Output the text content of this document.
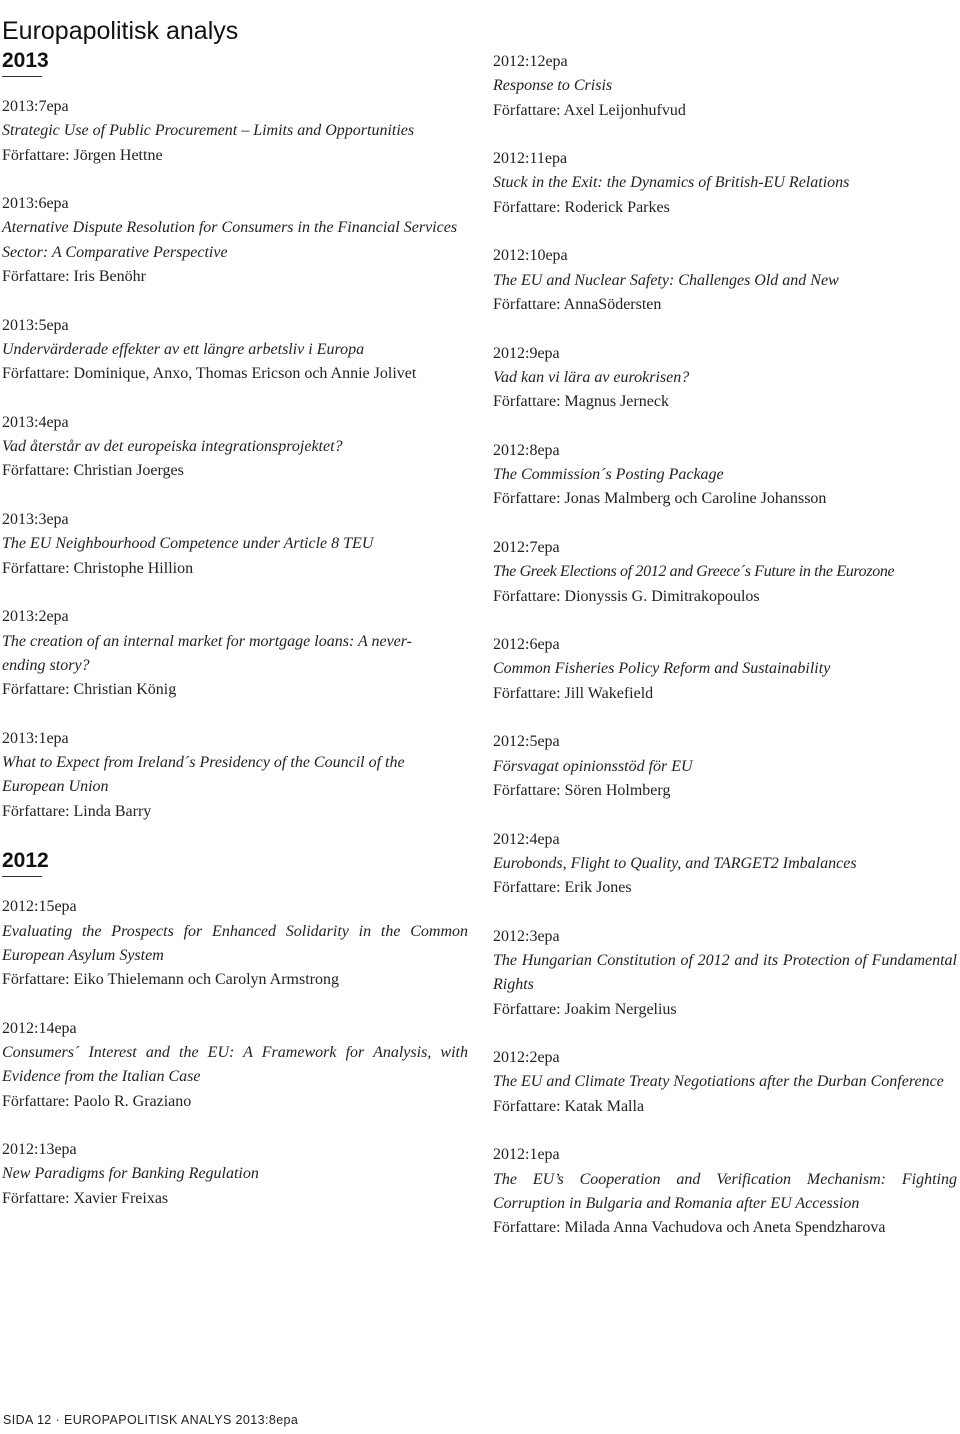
Europapolitisk analys
2013
2013:7epa
Strategic Use of Public Procurement – Limits and Opportunities
Författare: Jörgen Hettne
2013:6epa
Aternative Dispute Resolution for Consumers in the Financial Services Sector: A Comparative Perspective
Författare: Iris Benöhr
2013:5epa
Undervärderade effekter av ett längre arbetsliv i Europa
Författare: Dominique, Anxo, Thomas Ericson och Annie Jolivet
2013:4epa
Vad återstår av det europeiska integrationsprojektet?
Författare: Christian Joerges
2013:3epa
The EU Neighbourhood Competence under Article 8 TEU
Författare: Christophe Hillion
2013:2epa
The creation of an internal market for mortgage loans: A never-ending story?
Författare: Christian König
2013:1epa
What to Expect from Ireland´s Presidency of the Council of the European Union
Författare: Linda Barry
2012
2012:15epa
Evaluating the Prospects for Enhanced Solidarity in the Common European Asylum System
Författare: Eiko Thielemann och Carolyn Armstrong
2012:14epa
Consumers´ Interest and the EU: A Framework for Analysis, with Evidence from the Italian Case
Författare: Paolo R. Graziano
2012:13epa
New Paradigms for Banking Regulation
Författare: Xavier Freixas
2012:12epa
Response to Crisis
Författare: Axel Leijonhufvud
2012:11epa
Stuck in the Exit: the Dynamics of British-EU Relations
Författare: Roderick Parkes
2012:10epa
The EU and Nuclear Safety: Challenges Old and New
Författare: AnnaSödersten
2012:9epa
Vad kan vi lära av eurokrisen?
Författare: Magnus Jerneck
2012:8epa
The Commission´s Posting Package
Författare: Jonas Malmberg och Caroline Johansson
2012:7epa
The Greek Elections of 2012 and Greece´s Future in the Eurozone
Författare: Dionyssis G. Dimitrakopoulos
2012:6epa
Common Fisheries Policy Reform and Sustainability
Författare: Jill Wakefield
2012:5epa
Försvagat opinionsstöd för EU
Författare: Sören Holmberg
2012:4epa
Eurobonds, Flight to Quality, and TARGET2 Imbalances
Författare: Erik Jones
2012:3epa
The Hungarian Constitution of 2012 and its Protection of Fundamental Rights
Författare: Joakim Nergelius
2012:2epa
The EU and Climate Treaty Negotiations after the Durban Conference
Författare: Katak Malla
2012:1epa
The EU’s Cooperation and Verification Mechanism: Fighting Corruption in Bulgaria and Romania after EU Accession
Författare: Milada Anna Vachudova och Aneta Spendzharova
SIDA 12 · EUROPAPOLITISK ANALYS 2013:8epa
